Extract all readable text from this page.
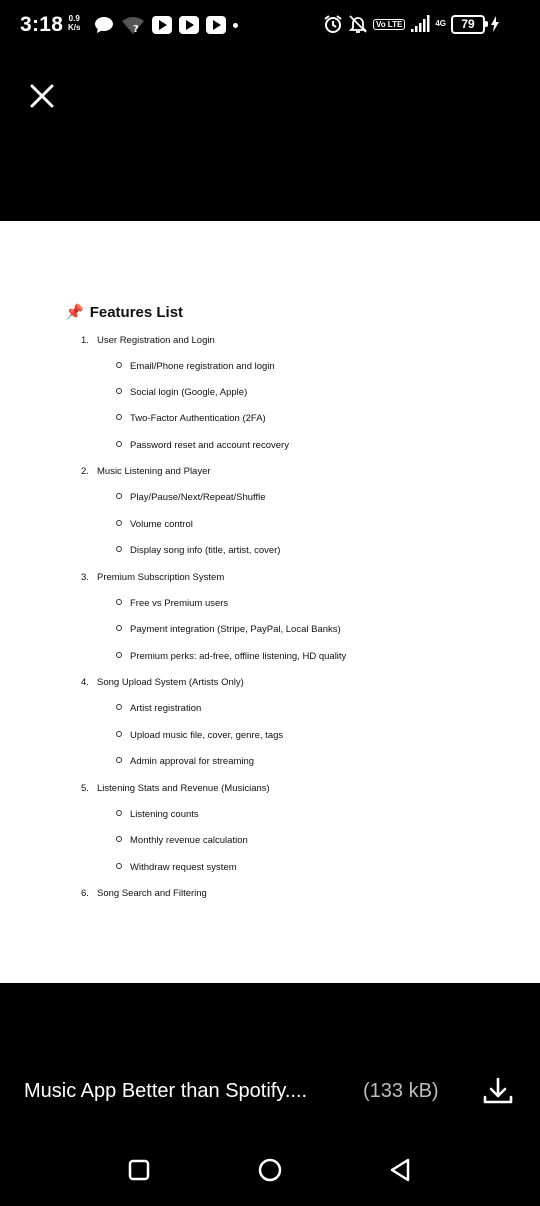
3:18 0.9
K/s	?	Vo LTE	4G	79
📌 Features List
1. User Registration and Login
Email/Phone registration and login
Social login (Google, Apple)
Two-Factor Authentication (2FA)
Password reset and account recovery
2. Music Listening and Player
Play/Pause/Next/Repeat/Shuffle
Volume control
Display song info (title, artist, cover)
3. Premium Subscription System
Free vs Premium users
Payment integration (Stripe, PayPal, Local Banks)
Premium perks: ad-free, offline listening, HD quality
4. Song Upload System (Artists Only)
Artist registration
Upload music file, cover, genre, tags
Admin approval for streaming
5. Listening Stats and Revenue (Musicians)
Listening counts
Monthly revenue calculation
Withdraw request system
6. Song Search and Filtering
Music App Better than Spotify....	(133 kB)
